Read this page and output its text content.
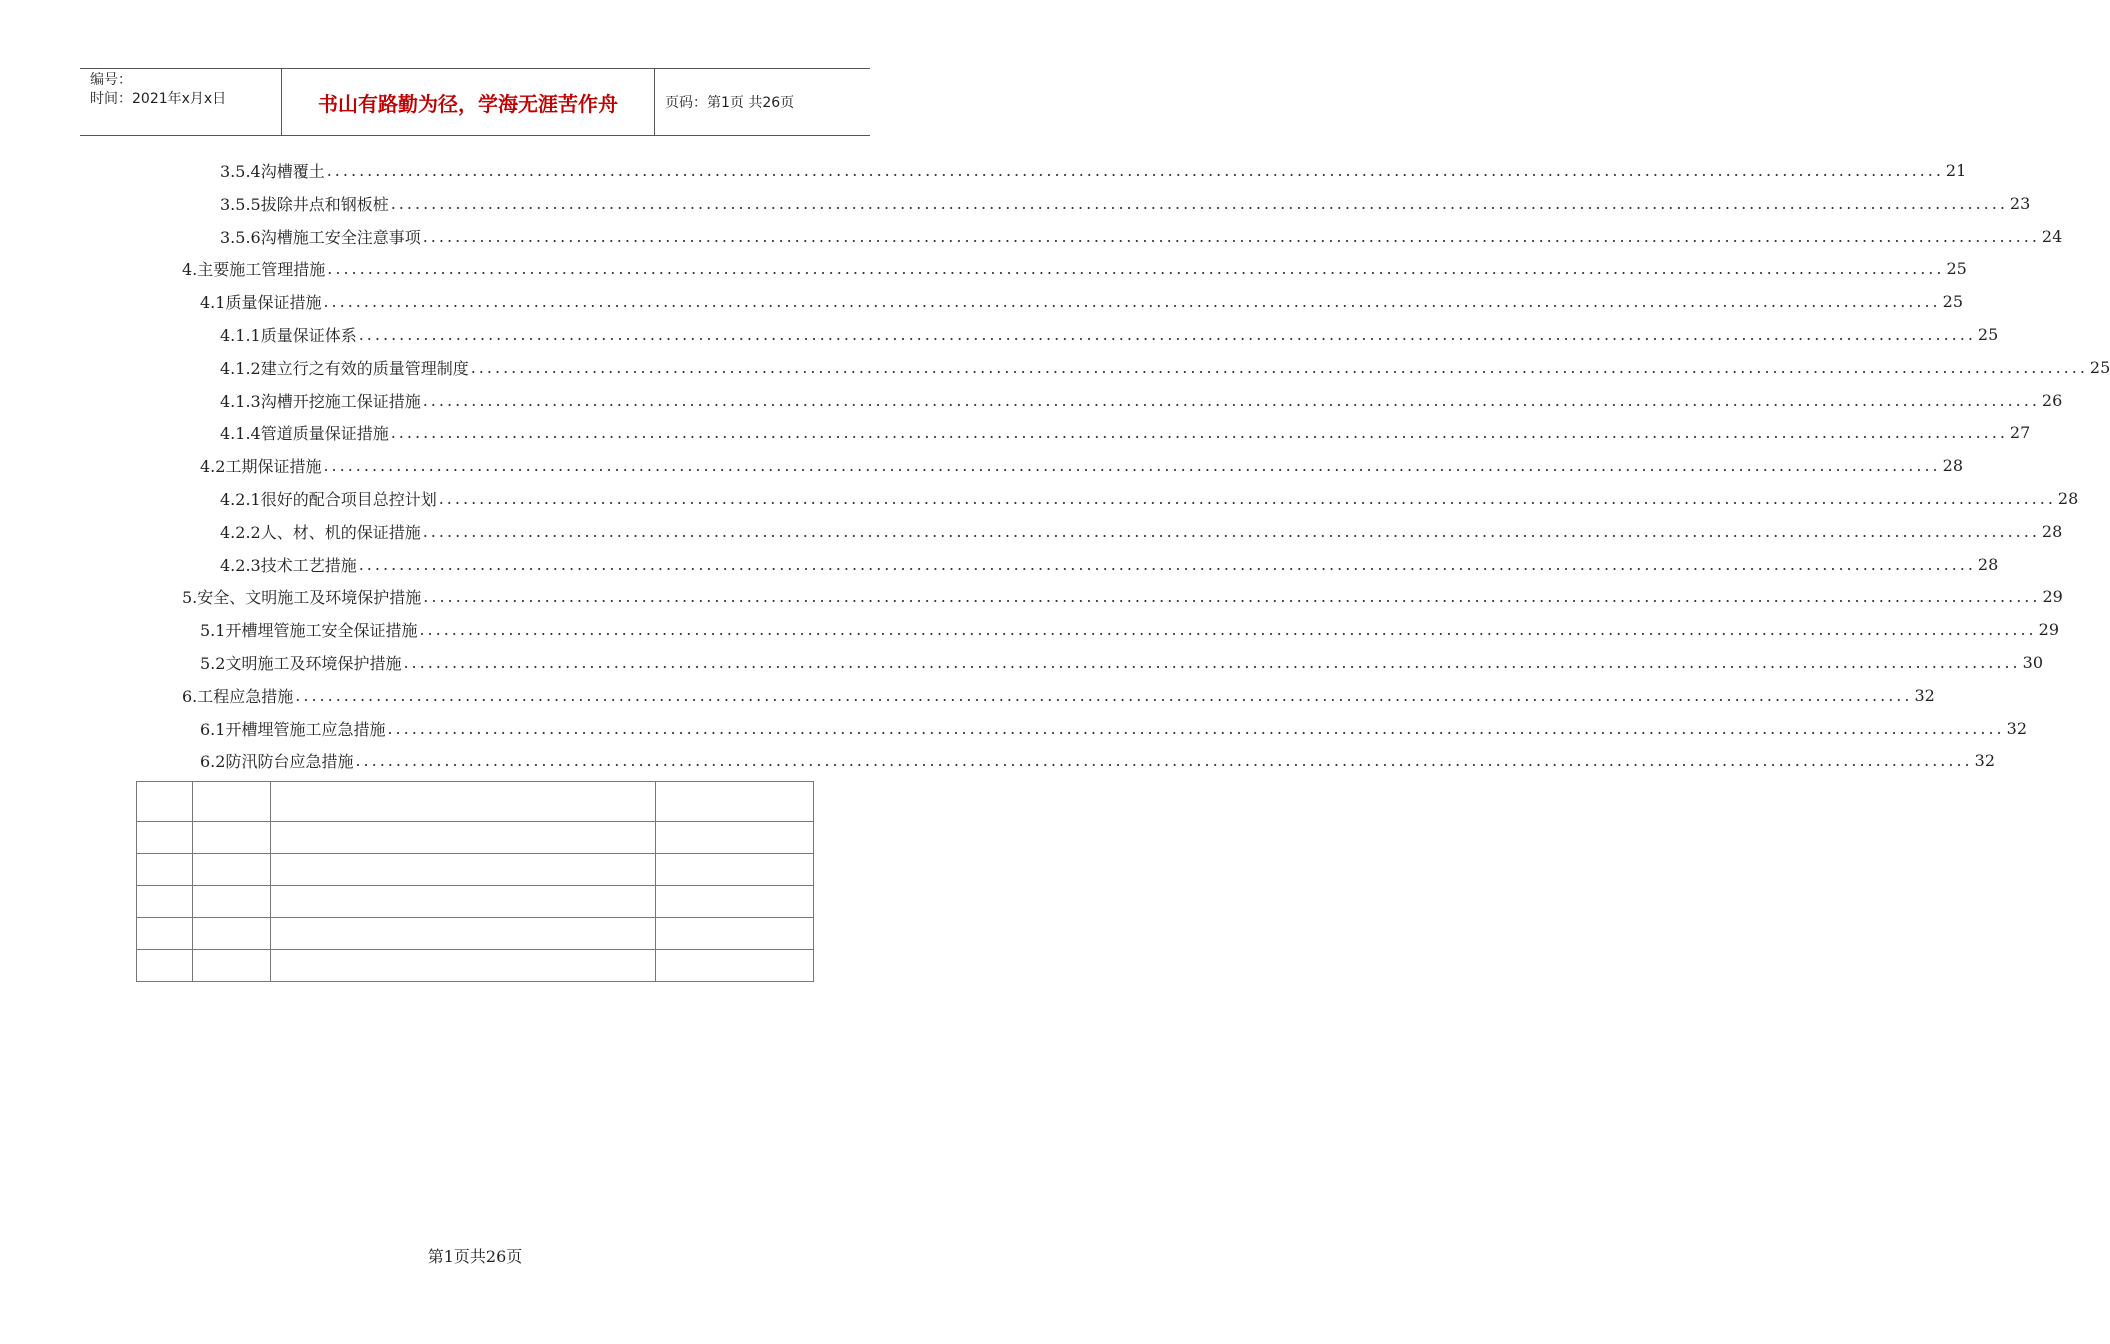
编号：
时间：2021年x月x日	书山有路勤为径，学海无涯苦作舟	页码：第1页 共26页
3.5.4沟槽覆土 ........................................................................................................................................................................................................ 21
3.5.5拔除井点和钢板桩 ........................................................................................................................................................................................................ 23
3.5.6沟槽施工安全注意事项 ........................................................................................................................................................................................................ 24
4.主要施工管理措施 ........................................................................................................................................................................................................ 25
4.1质量保证措施 ........................................................................................................................................................................................................ 25
4.1.1质量保证体系 ........................................................................................................................................................................................................ 25
4.1.2建立行之有效的质量管理制度 ........................................................................................................................................................................................................ 25
4.1.3沟槽开挖施工保证措施 ........................................................................................................................................................................................................ 26
4.1.4管道质量保证措施 ........................................................................................................................................................................................................ 27
4.2工期保证措施 ........................................................................................................................................................................................................ 28
4.2.1很好的配合项目总控计划 ........................................................................................................................................................................................................ 28
4.2.2人、材、机的保证措施 ........................................................................................................................................................................................................ 28
4.2.3技术工艺措施 ........................................................................................................................................................................................................ 28
5.安全、文明施工及环境保护措施 ........................................................................................................................................................................................................ 29
5.1开槽埋管施工安全保证措施 ........................................................................................................................................................................................................ 29
5.2文明施工及环境保护措施 ........................................................................................................................................................................................................ 30
6.工程应急措施 ........................................................................................................................................................................................................ 32
6.1开槽埋管施工应急措施 ........................................................................................................................................................................................................ 32
6.2防汛防台应急措施 ........................................................................................................................................................................................................ 32

第1页共26页
